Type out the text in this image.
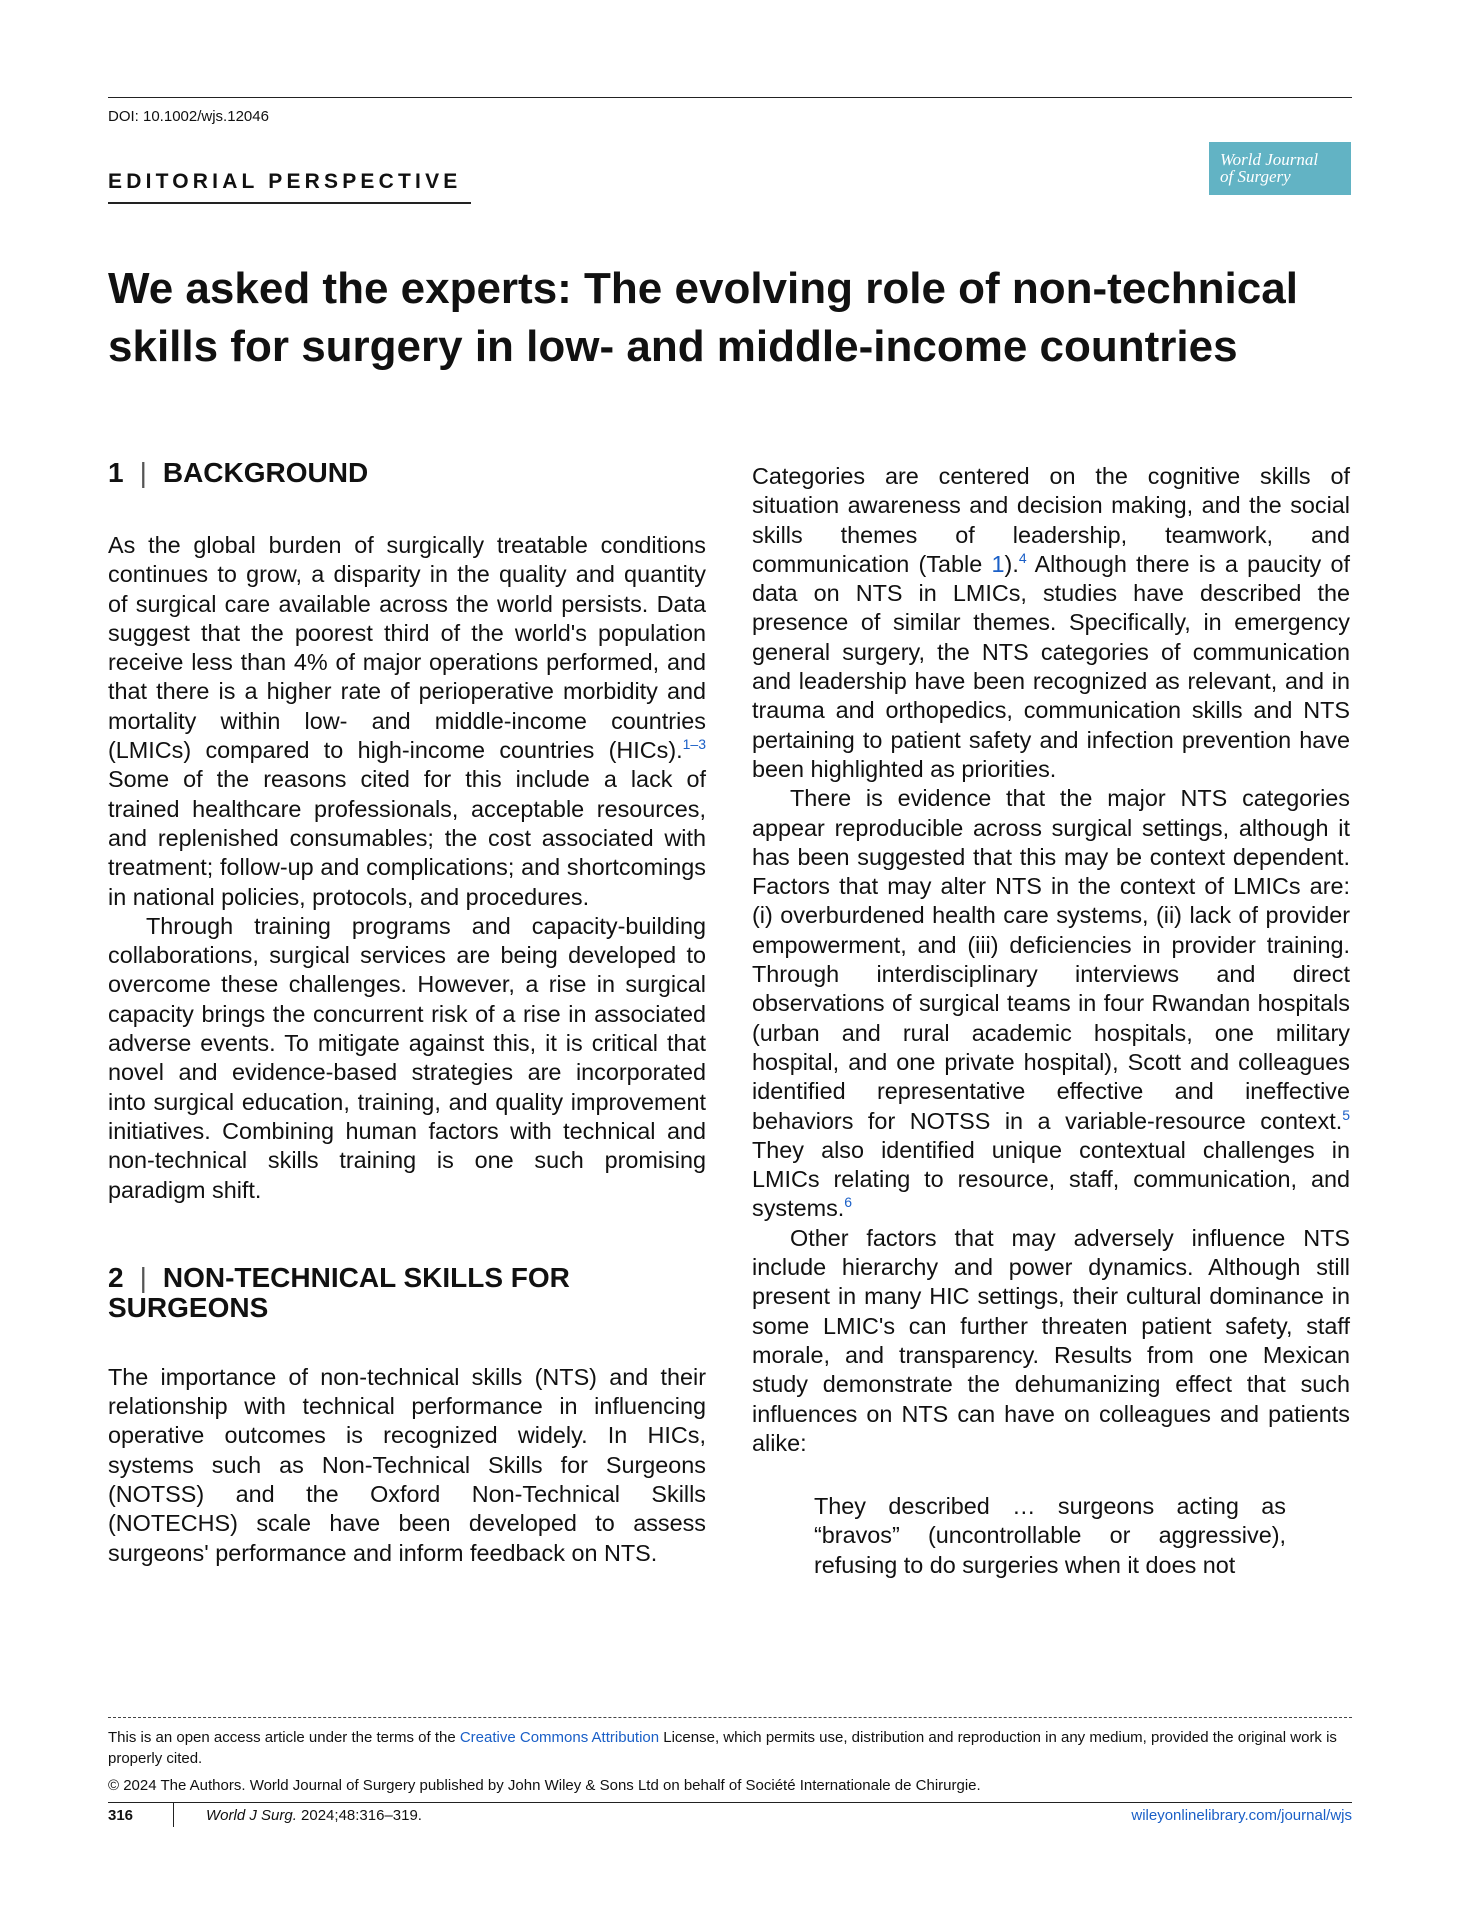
DOI: 10.1002/wjs.12046
EDITORIAL PERSPECTIVE
World Journal
of Surgery
We asked the experts: The evolving role of non-technical skills for surgery in low- and middle-income countries
1 | BACKGROUND

As the global burden of surgically treatable conditions continues to grow, a disparity in the quality and quantity of surgical care available across the world persists. Data suggest that the poorest third of the world's population receive less than 4% of major operations performed, and that there is a higher rate of perioperative morbidity and mortality within low- and middle-income countries (LMICs) compared to high-income countries (HICs).$^{1-3}$ Some of the reasons cited for this include a lack of trained healthcare professionals, acceptable resources, and replenished consumables; the cost associated with treatment; follow-up and complications; and shortcomings in national policies, protocols, and procedures.

Through training programs and capacity-building collaborations, surgical services are being developed to overcome these challenges. However, a rise in surgical capacity brings the concurrent risk of a rise in associated adverse events. To mitigate against this, it is critical that novel and evidence-based strategies are incorporated into surgical education, training, and quality improvement initiatives. Combining human factors with technical and non-technical skills training is one such promising paradigm shift.

2 | NON-TECHNICAL SKILLS FOR SURGEONS

The importance of non-technical skills (NTS) and their relationship with technical performance in influencing operative outcomes is recognized widely. In HICs, systems such as Non-Technical Skills for Surgeons (NOTSS) and the Oxford Non-Technical Skills (NOTECHS) scale have been developed to assess surgeons' performance and inform feedback on NTS.

Categories are centered on the cognitive skills of situation awareness and decision making, and the social skills themes of leadership, teamwork, and communication (Table 1).$^4$ Although there is a paucity of data on NTS in LMICs, studies have described the presence of similar themes. Specifically, in emergency general surgery, the NTS categories of communication and leadership have been recognized as relevant, and in trauma and orthopedics, communication skills and NTS pertaining to patient safety and infection prevention have been highlighted as priorities.

There is evidence that the major NTS categories appear reproducible across surgical settings, although it has been suggested that this may be context dependent. Factors that may alter NTS in the context of LMICs are: (i) overburdened health care systems, (ii) lack of provider empowerment, and (iii) deficiencies in provider training. Through interdisciplinary interviews and direct observations of surgical teams in four Rwandan hospitals (urban and rural academic hospitals, one military hospital, and one private hospital), Scott and colleagues identified representative effective and ineffective behaviors for NOTSS in a variable-resource context.$^5$ They also identified unique contextual challenges in LMICs relating to resource, staff, communication, and systems.$^6$

Other factors that may adversely influence NTS include hierarchy and power dynamics. Although still present in many HIC settings, their cultural dominance in some LMIC's can further threaten patient safety, staff morale, and transparency. Results from one Mexican study demonstrate the dehumanizing effect that such influences on NTS can have on colleagues and patients alike:

They described … surgeons acting as “bravos” (uncontrollable or aggressive), refusing to do surgeries when it does not
This is an open access article under the terms of the Creative Commons Attribution License, which permits use, distribution and reproduction in any medium, provided the original work is properly cited.
© 2024 The Authors. World Journal of Surgery published by John Wiley & Sons Ltd on behalf of Société Internationale de Chirurgie.
316	World J Surg. 2024;48:316–319.	wileyonlinelibrary.com/journal/wjs
